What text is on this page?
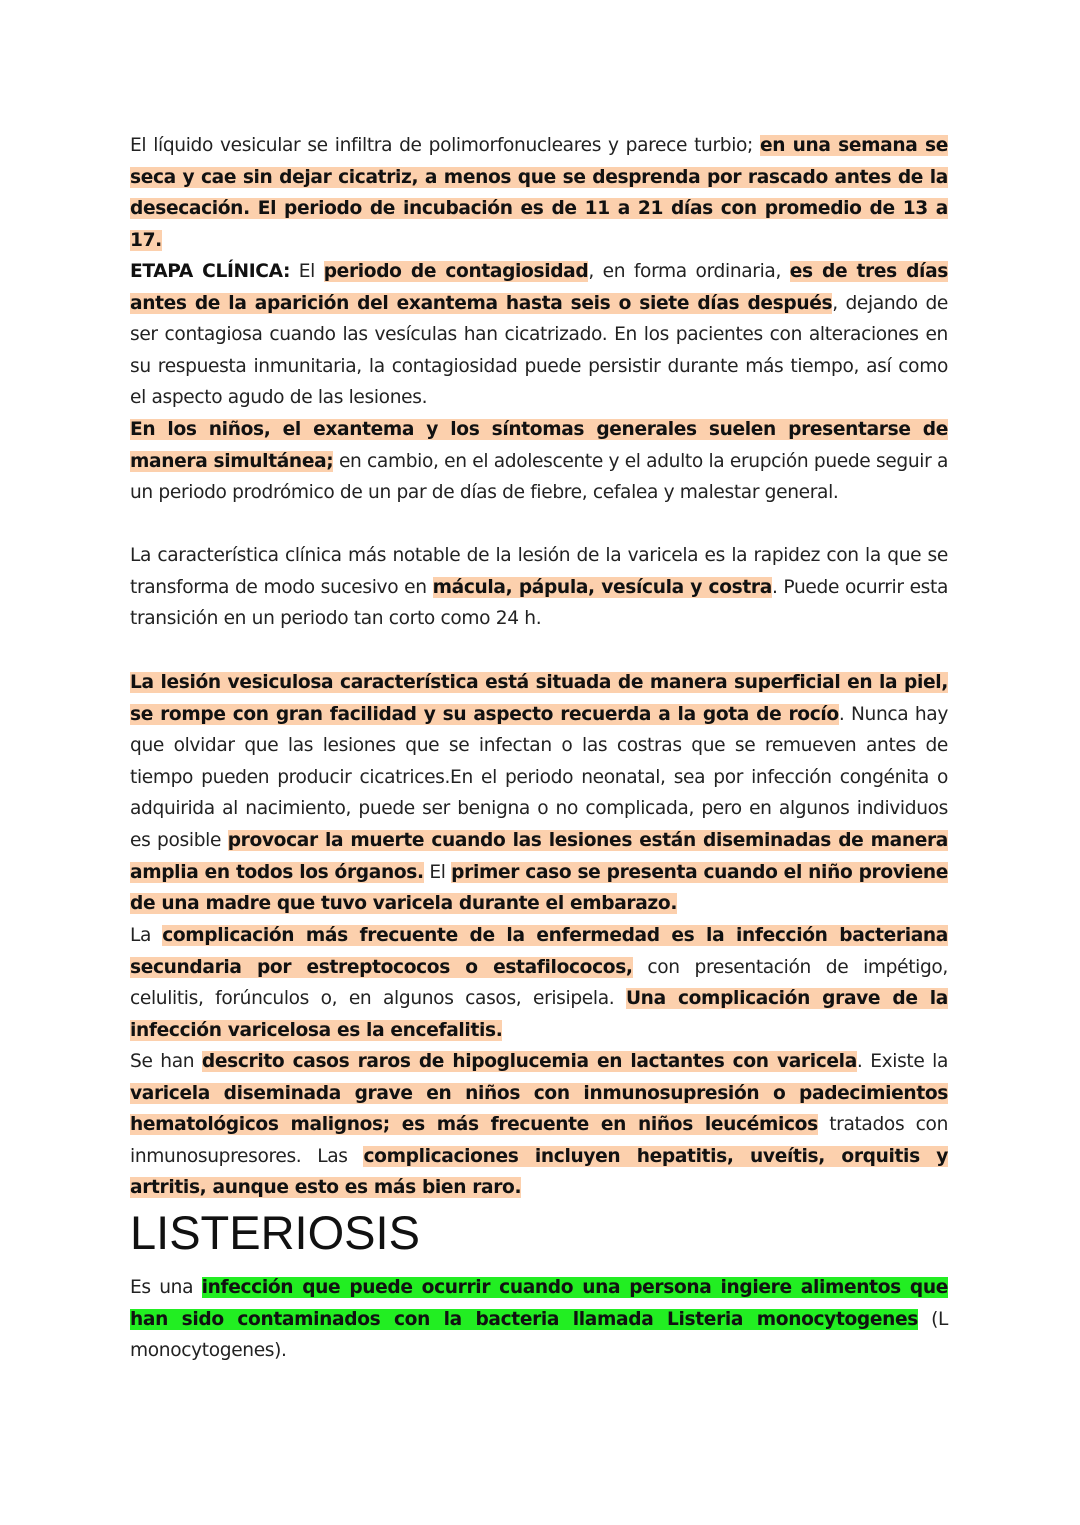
El líquido vesicular se infiltra de polimorfonucleares y parece turbio; en una semana se seca y cae sin dejar cicatriz, a menos que se desprenda por rascado antes de la desecación. El periodo de incubación es de 11 a 21 días con promedio de 13 a 17.

ETAPA CLÍNICA: El periodo de contagiosidad, en forma ordinaria, es de tres días antes de la aparición del exantema hasta seis o siete días después, dejando de ser contagiosa cuando las vesículas han cicatrizado. En los pacientes con alteraciones en su respuesta inmunitaria, la contagiosidad puede persistir durante más tiempo, así como el aspecto agudo de las lesiones.

En los niños, el exantema y los síntomas generales suelen presentarse de manera simultánea; en cambio, en el adolescente y el adulto la erupción puede seguir a un periodo prodrómico de un par de días de fiebre, cefalea y malestar general.

La característica clínica más notable de la lesión de la varicela es la rapidez con la que se transforma de modo sucesivo en mácula, pápula, vesícula y costra. Puede ocurrir esta transición en un periodo tan corto como 24 h.

La lesión vesiculosa característica está situada de manera superficial en la piel, se rompe con gran facilidad y su aspecto recuerda a la gota de rocío. Nunca hay que olvidar que las lesiones que se infectan o las costras que se remueven antes de tiempo pueden producir cicatrices.En el periodo neonatal, sea por infección congénita o adquirida al nacimiento, puede ser benigna o no complicada, pero en algunos individuos es posible provocar la muerte cuando las lesiones están diseminadas de manera amplia en todos los órganos. El primer caso se presenta cuando el niño proviene de una madre que tuvo varicela durante el embarazo.

La complicación más frecuente de la enfermedad es la infección bacteriana secundaria por estreptococos o estafilococos, con presentación de impétigo, celulitis, forúnculos o, en algunos casos, erisipela. Una complicación grave de la infección varicelosa es la encefalitis.

Se han descrito casos raros de hipoglucemia en lactantes con varicela. Existe la varicela diseminada grave en niños con inmunosupresión o padecimientos hematológicos malignos; es más frecuente en niños leucémicos tratados con inmunosupresores. Las complicaciones incluyen hepatitis, uveítis, orquitis y artritis, aunque esto es más bien raro.

LISTERIOSIS

Es una infección que puede ocurrir cuando una persona ingiere alimentos que han sido contaminados con la bacteria llamada Listeria monocytogenes (L monocytogenes).
